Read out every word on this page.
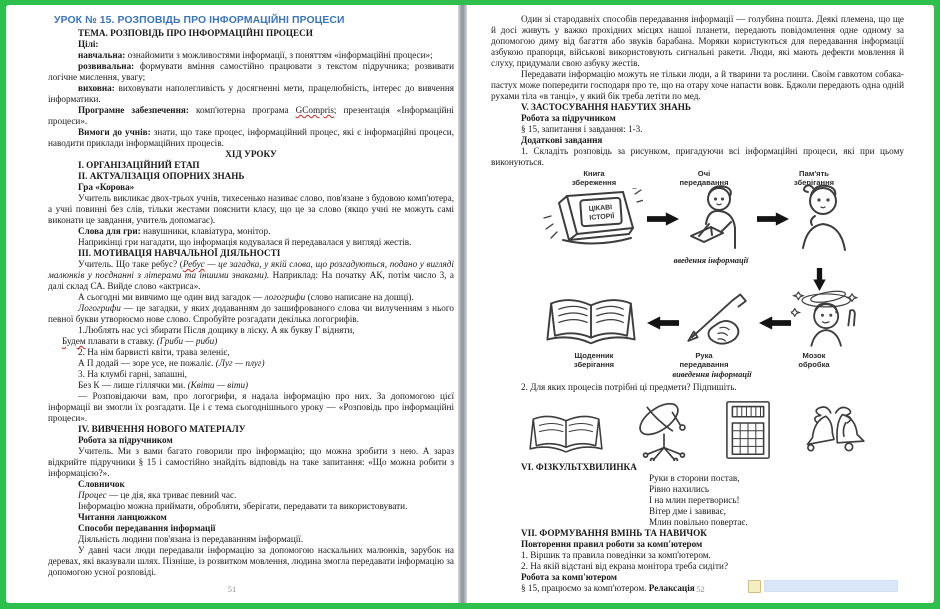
УРОК № 15. РОЗПОВІДЬ ПРО ІНФОРМАЦІЙНІ ПРОЦЕСИ
ТЕМА. РОЗПОВІДЬ ПРО ІНФОРМАЦІЙНІ ПРОЦЕСИ
Цілі:
навчальна: ознайомити з можливостями інформації, з поняттям «інформаційні процеси»;
розвивальна: формувати вміння самостійно працювати з текстом підручника; розвивати логічне мислення, увагу;
виховна: виховувати наполегливість у досягненні мети, працелюбність, інтерес до вивчення інформатики.
Програмне забезпечення: комп'ютерна програма GCompris; презентація «Інформаційні процеси».
Вимоги до учнів: знати, що таке процес, інформаційний процес, які є інформаційні процеси, наводити приклади інформаційних процесів.
ХІД УРОКУ
I. ОРГАНІЗАЦІЙНИЙ ЕТАП
II. АКТУАЛІЗАЦІЯ ОПОРНИХ ЗНАНЬ
Гра «Корова»
Учитель викликає двох-трьох учнів, тихесенько називає слово, пов'язане з будовою комп'ютера, а учні повинні без слів, тільки жестами пояснити класу, що це за слово (якщо учні не можуть самі виконати це завдання, учитель допомагає).
Слова для гри: навушники, клавіатура, монітор.
Наприкінці гри нагадати, що інформація кодувалася й передавалася у вигляді жестів.
III. МОТИВАЦІЯ НАВЧАЛЬНОЇ ДІЯЛЬНОСТІ
Учитель. Що таке ребус? (Ребус — це загадка, у якій слова, що розгадуються, подано у вигляді малюнків у поєднанні з літерами та іншими знаками). Наприклад: На початку АК, потім число 3, а далі склад СА. Вийде слово «актриса».
А сьогодні ми вивчимо ще один вид загадок — логогрифи (слово написане на дошці).
Логогрифи — це загадки, у яких додаванням до зашифрованого слова чи вилученням з нього певної букви утворюємо нове слово. Спробуйте розгадати декілька логогрифів.
1.Люблять нас усі збирати Після дощику в ліску. А як букву Г відняти,
Будем плавати в ставку. (Гриби — риби)
2. На нім барвисті квіти, трава зеленіє,
А П додай — зоре усе, не пожаліє. (Луг — плуг)
3. На клумбі гарні, запашні,
Без К — лише гіллячки ми. (Квіти — віти)
— Розповідаючи вам, про логогрифи, я надала інформацію про них. За допомогою цієї інформації ви змогли їх розгадати. Це і є тема сьогоднішнього уроку — «Розповідь про інформаційні процеси».
IV. ВИВЧЕННЯ НОВОГО МАТЕРІАЛУ
Робота за підручником
Учитель. Ми з вами багато говорили про інформацію; що можна зробити з нею. А зараз відкрийте підручники § 15 і самостійно знайдіть відповідь на таке запитання: «Що можна робити з інформацією?».
Словничок
Процес — це дія, яка триває певний час.
Інформацію можна приймати, обробляти, зберігати, передавати та використовувати.
Читання ланцюжком
Способи передавання інформації
Діяльність людини пов'язана із передаванням інформації.
У давні часи люди передавали інформацію за допомогою наскальних малюнків, зарубок на деревах, які вказували шлях. Пізніше, із розвитком мовлення, людина змогла передавати інформацію за допомогою усної розповіді.
51
Один зі стародавніх способів передавання інформації — голубина пошта. Деякі племена, що ще й досі живуть у важко прохідних місцях нашої планети, передають повідомлення одне одному за допомогою диму від багаття або звуків барабана. Моряки користуються для передавання інформації азбукою прапорця, військові використовують сигнальні ракети. Люди, які мають дефекти мовлення й слуху, придумали свою азбуку жестів.
Передавати інформацію можуть не тільки люди, а й тварини та рослини. Своїм гавкотом собака-пастух може попередити господаря про те, що на отару хоче напасти вовк. Бджоли передають одна одній рухами тіла «в танці», у який бік треба летіти по мед.
V. ЗАСТОСУВАННЯ НАБУТИХ ЗНАНЬ
Робота за підручником
§ 15, запитання і завдання: 1-3.
Додаткові завдання
1. Складіть розповідь за рисунком, пригадуючи всі інформаційні процеси, які при цьому виконуються.
Книга
збереження
Очі
передавання
Пам'ять
зберігання
ЦІКАВІ
ІСТОРІЇ
введення інформації
Щоденник
зберігання
Рука
передавання
Мозок
обробка
виведення інформації
2. Для яких процесів потрібні ці предмети? Підпишіть.
VI. ФІЗКУЛЬТХВИЛИНКА
Руки в сторони постав,
Рівно нахились
І на млин перетворись!
Вітер дме і завиває,
Млин повільно повертає.
VII. ФОРМУВАННЯ ВМІНЬ ТА НАВИЧОК
Повторення правил роботи за комп'ютером
1. Віршик та правила поведінки за комп'ютером.
2. На якій відстані від екрана монітора треба сидіти?
Робота за комп'ютером
§ 15, працюємо за комп'ютером. Релаксація 52
